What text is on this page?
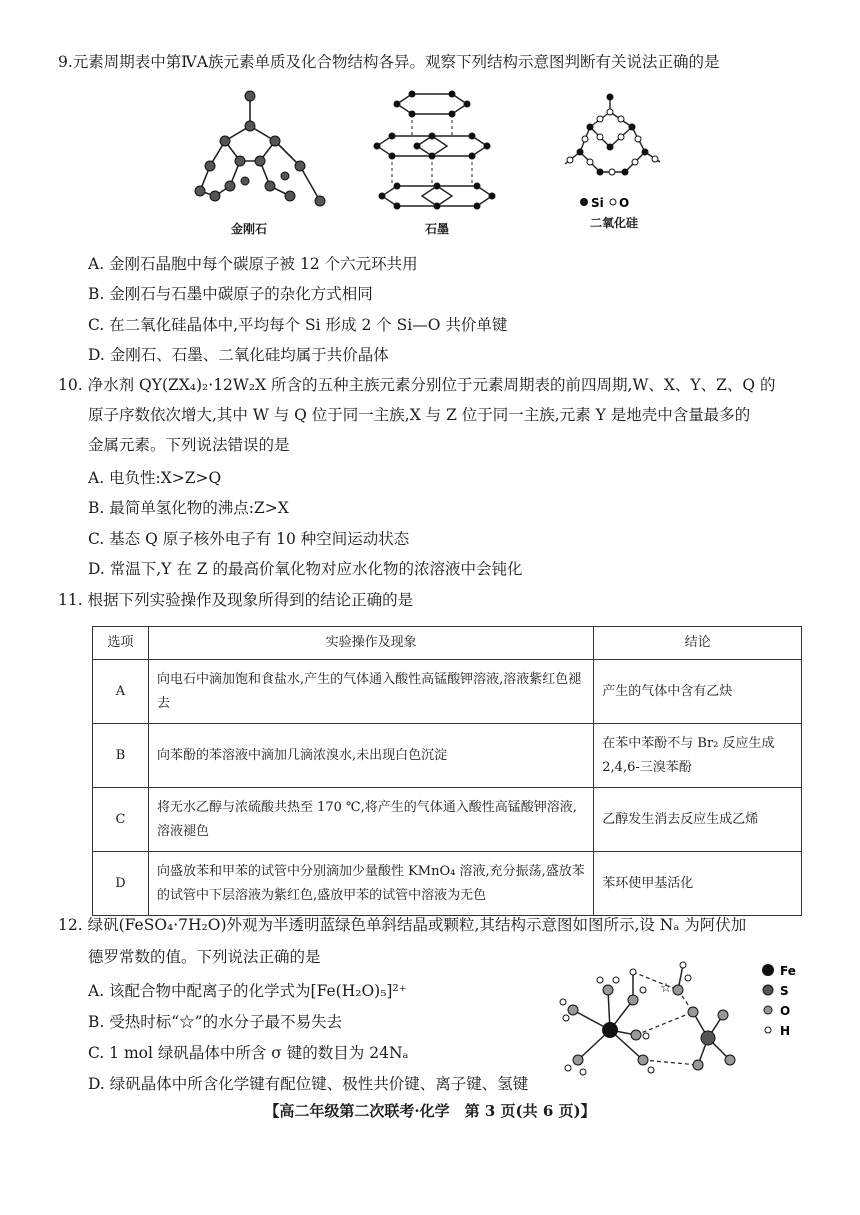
9.元素周期表中第ⅣA族元素单质及化合物结构各异。观察下列结构示意图判断有关说法正确的是
金刚石	石墨
Si O
二氧化硅
A. 金刚石晶胞中每个碳原子被 12 个六元环共用
B. 金刚石与石墨中碳原子的杂化方式相同
C. 在二氧化硅晶体中,平均每个 Si 形成 2 个 Si—O 共价单键
D. 金刚石、石墨、二氧化硅均属于共价晶体
10. 净水剂 QY(ZX₄)₂·12W₂X 所含的五种主族元素分别位于元素周期表的前四周期,W、X、Y、Z、Q 的
原子序数依次增大,其中 W 与 Q 位于同一主族,X 与 Z 位于同一主族,元素 Y 是地壳中含量最多的
金属元素。下列说法错误的是
A. 电负性:X>Z>Q
B. 最简单氢化物的沸点:Z>X
C. 基态 Q 原子核外电子有 10 种空间运动状态
D. 常温下,Y 在 Z 的最高价氧化物对应水化物的浓溶液中会钝化
11. 根据下列实验操作及现象所得到的结论正确的是
选项	实验操作及现象	结论
A	向电石中滴加饱和食盐水,产生的气体通入酸性高锰酸钾溶液,溶液紫红色褪去	产生的气体中含有乙炔
B	向苯酚的苯溶液中滴加几滴浓溴水,未出现白色沉淀	在苯中苯酚不与 Br₂ 反应生成 2,4,6-三溴苯酚
C	将无水乙醇与浓硫酸共热至 170 ℃,将产生的气体通入酸性高锰酸钾溶液,溶液褪色	乙醇发生消去反应生成乙烯
D	向盛放苯和甲苯的试管中分别滴加少量酸性 KMnO₄ 溶液,充分振荡,盛放苯的试管中下层溶液为紫红色,盛放甲苯的试管中溶液为无色	苯环使甲基活化
12. 绿矾(FeSO₄·7H₂O)外观为半透明蓝绿色单斜结晶或颗粒,其结构示意图如图所示,设 Nₐ 为阿伏加
德罗常数的值。下列说法正确的是
A. 该配合物中配离子的化学式为[Fe(H₂O)₅]²⁺
B. 受热时标“☆”的水分子最不易失去
C. 1 mol 绿矾晶体中所含 σ 键的数目为 24Nₐ
D. 绿矾晶体中所含化学键有配位键、极性共价键、离子键、氢键
☆
Fe
S
O
H
【高二年级第二次联考·化学　第 3 页(共 6 页)】
